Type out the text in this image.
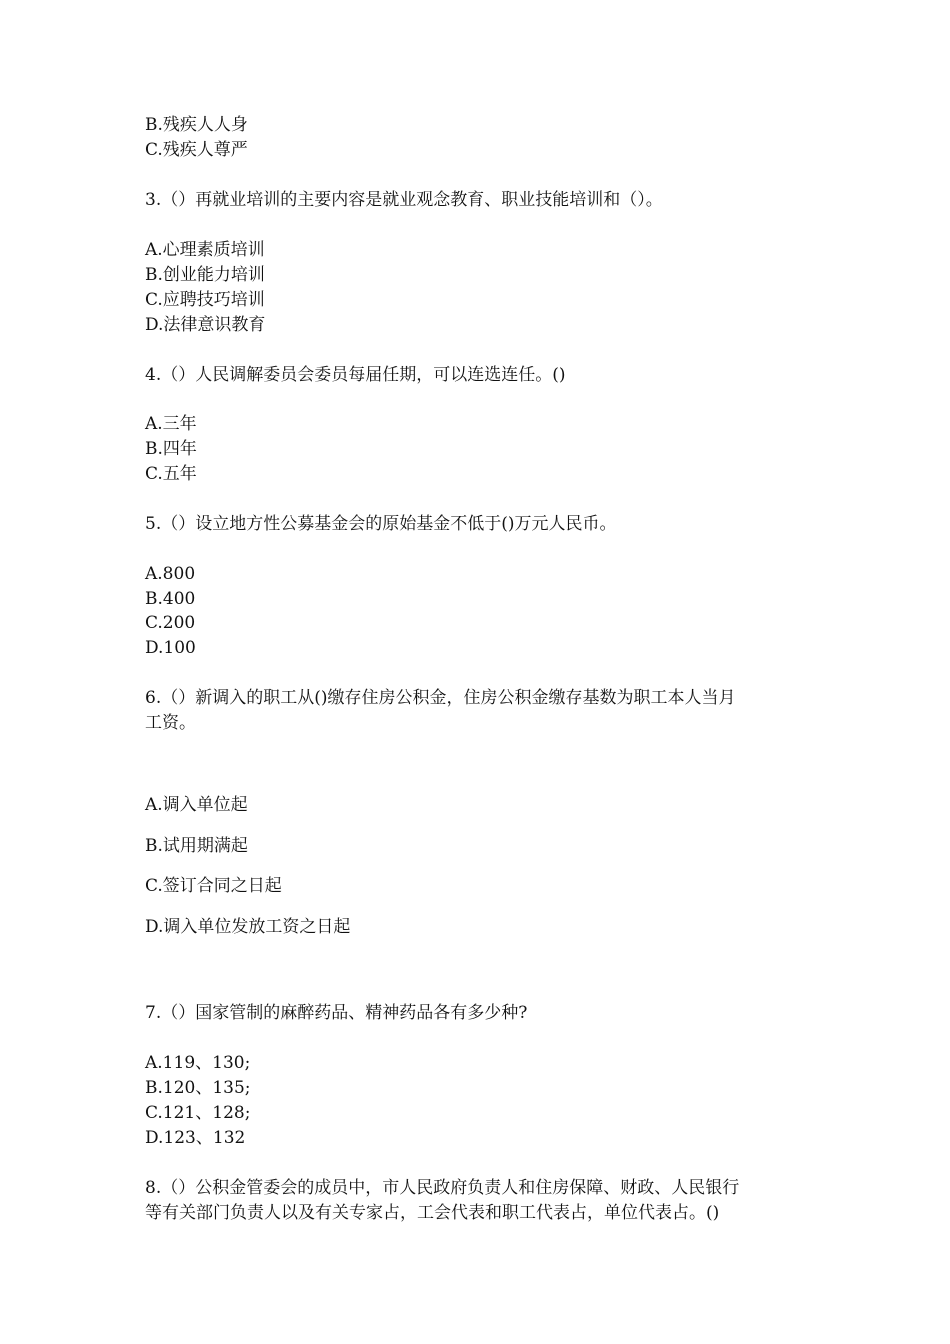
B.残疾人人身
C.残疾人尊严
3.（）再就业培训的主要内容是就业观念教育、职业技能培训和（）。
A.心理素质培训
B.创业能力培训
C.应聘技巧培训
D.法律意识教育
4.（）人民调解委员会委员每届任期，可以连选连任。()
A.三年
B.四年
C.五年
5.（）设立地方性公募基金会的原始基金不低于()万元人民币。
A.800
B.400
C.200
D.100
6.（）新调入的职工从()缴存住房公积金，住房公积金缴存基数为职工本人当月
工资。
A.调入单位起
B.试用期满起
C.签订合同之日起
D.调入单位发放工资之日起
7.（）国家管制的麻醉药品、精神药品各有多少种?
A.119、130;
B.120、135;
C.121、128;
D.123、132
8.（）公积金管委会的成员中，市人民政府负责人和住房保障、财政、人民银行
等有关部门负责人以及有关专家占，工会代表和职工代表占，单位代表占。()
